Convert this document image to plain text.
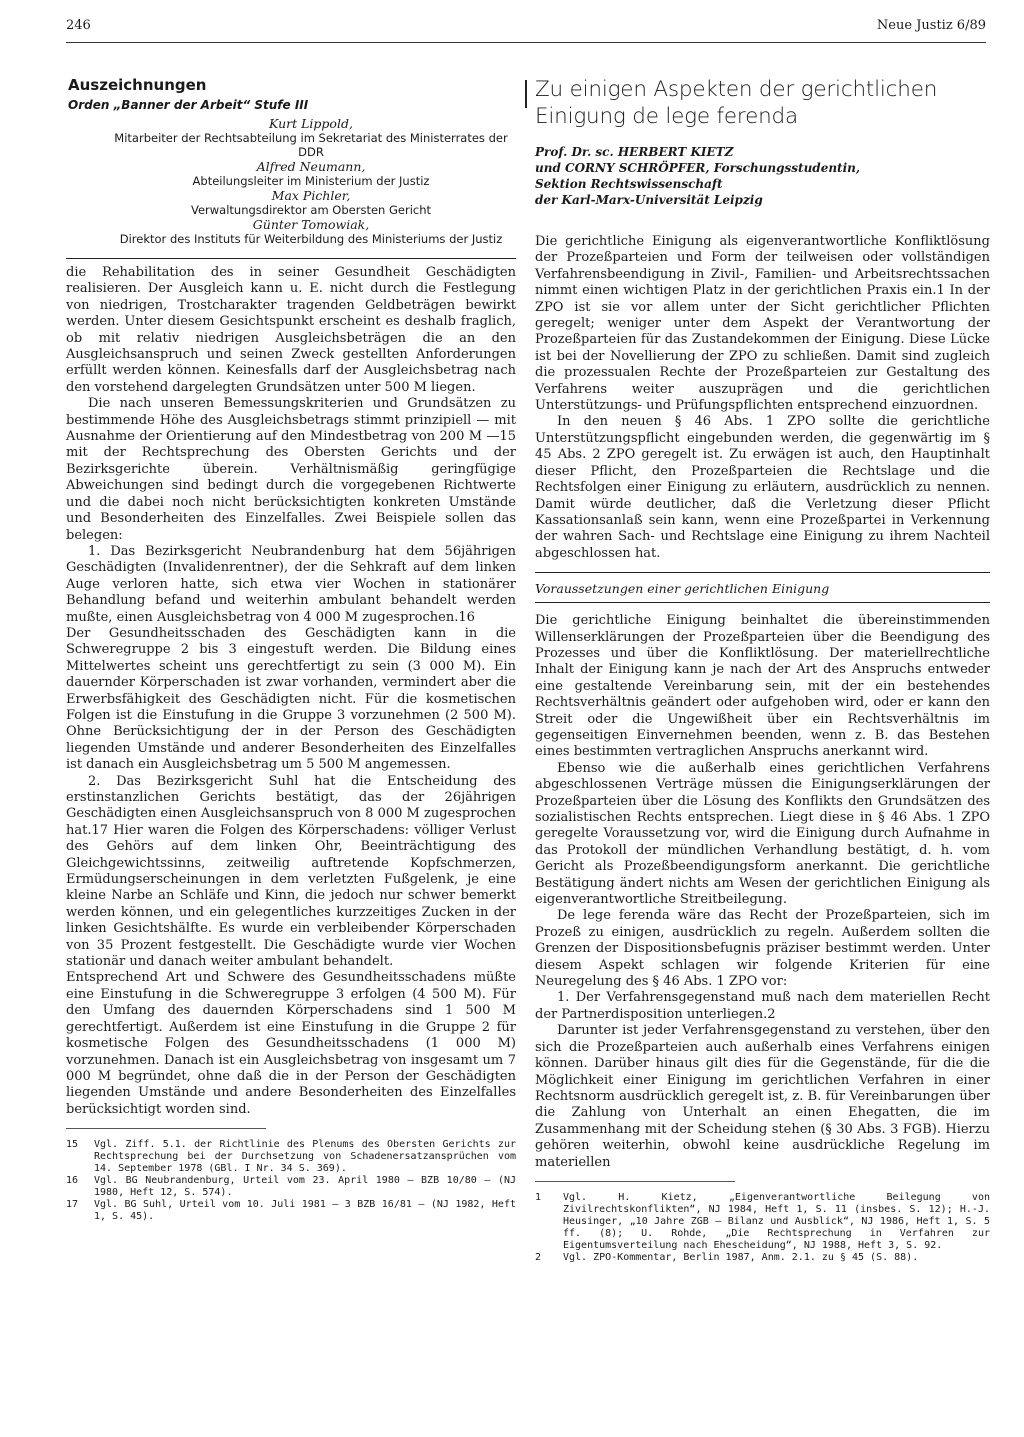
246	Neue Justiz 6/89
Auszeichnungen
Orden „Banner der Arbeit“ Stufe III
Kurt Lippold,
Mitarbeiter der Rechtsabteilung im Sekretariat des Ministerrates der DDR
Alfred Neumann,
Abteilungsleiter im Ministerium der Justiz
Max Pichler,
Verwaltungsdirektor am Obersten Gericht
Günter Tomowiak,
Direktor des Instituts für Weiterbildung des Ministeriums der Justiz

die Rehabilitation des in seiner Gesundheit Geschädigten realisieren. Der Ausgleich kann u. E. nicht durch die Festlegung von niedrigen, Trostcharakter tragenden Geldbeträgen bewirkt werden. Unter diesem Gesichtspunkt erscheint es deshalb fraglich, ob mit relativ niedrigen Ausgleichsbeträgen die an den Ausgleichsanspruch und seinen Zweck gestellten Anforderungen erfüllt werden können. Keinesfalls darf der Ausgleichsbetrag nach den vorstehend dargelegten Grundsätzen unter 500 M liegen.

Die nach unseren Bemessungskriterien und Grundsätzen zu bestimmende Höhe des Ausgleichsbetrags stimmt prinzipiell — mit Ausnahme der Orientierung auf den Mindestbetrag von 200 M —15 mit der Rechtsprechung des Obersten Gerichts und der Bezirksgerichte überein. Verhältnismäßig geringfügige Abweichungen sind bedingt durch die vorgegebenen Richtwerte und die dabei noch nicht berücksichtigten konkreten Umstände und Besonderheiten des Einzelfalles. Zwei Beispiele sollen das belegen:

1. Das Bezirksgericht Neubrandenburg hat dem 56jährigen Geschädigten (Invalidenrentner), der die Sehkraft auf dem linken Auge verloren hatte, sich etwa vier Wochen in stationärer Behandlung befand und weiterhin ambulant behandelt werden mußte, einen Ausgleichsbetrag von 4 000 M zugesprochen.16

Der Gesundheitsschaden des Geschädigten kann in die Schweregruppe 2 bis 3 eingestuft werden. Die Bildung eines Mittelwertes scheint uns gerechtfertigt zu sein (3 000 M). Ein dauernder Körperschaden ist zwar vorhanden, vermindert aber die Erwerbsfähigkeit des Geschädigten nicht. Für die kosmetischen Folgen ist die Einstufung in die Gruppe 3 vorzunehmen (2 500 M). Ohne Berücksichtigung der in der Person des Geschädigten liegenden Umstände und anderer Besonderheiten des Einzelfalles ist danach ein Ausgleichsbetrag um 5 500 M angemessen.

2. Das Bezirksgericht Suhl hat die Entscheidung des erstinstanzlichen Gerichts bestätigt, das der 26jährigen Geschädigten einen Ausgleichsanspruch von 8 000 M zugesprochen hat.17 Hier waren die Folgen des Körperschadens: völliger Verlust des Gehörs auf dem linken Ohr, Beeinträchtigung des Gleichgewichtssinns, zeitweilig auftretende Kopfschmerzen, Ermüdungserscheinungen in dem verletzten Fußgelenk, je eine kleine Narbe an Schläfe und Kinn, die jedoch nur schwer bemerkt werden können, und ein gelegentliches kurzzeitiges Zucken in der linken Gesichtshälfte. Es wurde ein verbleibender Körperschaden von 35 Prozent festgestellt. Die Geschädigte wurde vier Wochen stationär und danach weiter ambulant behandelt.

Entsprechend Art und Schwere des Gesundheitsschadens müßte eine Einstufung in die Schweregruppe 3 erfolgen (4 500 M). Für den Umfang des dauernden Körperschadens sind 1 500 M gerechtfertigt. Außerdem ist eine Einstufung in die Gruppe 2 für kosmetische Folgen des Gesundheitsschadens (1 000 M) vorzunehmen. Danach ist ein Ausgleichsbetrag von insgesamt um 7 000 M begründet, ohne daß die in der Person der Geschädigten liegenden Umstände und andere Besonderheiten des Einzelfalles berücksichtigt worden sind.

15	Vgl. Ziff. 5.1. der Richtlinie des Plenums des Obersten Gerichts zur Rechtsprechung bei der Durchsetzung von Schadenersatzansprüchen vom 14. September 1978 (GBl. I Nr. 34 S. 369).
16	Vgl. BG Neubrandenburg, Urteil vom 23. April 1980 — BZB 10/80 — (NJ 1980, Heft 12, S. 574).
17	Vgl. BG Suhl, Urteil vom 10. Juli 1981 — 3 BZB 16/81 — (NJ 1982, Heft 1, S. 45).
Zu einigen Aspekten der gerichtlichen Einigung de lege ferenda
Prof. Dr. sc. HERBERT KIETZ
und CORNY SCHRÖPFER, Forschungsstudentin,
Sektion Rechtswissenschaft
der Karl-Marx-Universität Leipzig

Die gerichtliche Einigung als eigenverantwortliche Konfliktlösung der Prozeßparteien und Form der teilweisen oder vollständigen Verfahrensbeendigung in Zivil-, Familien- und Arbeitsrechtssachen nimmt einen wichtigen Platz in der gerichtlichen Praxis ein.1 In der ZPO ist sie vor allem unter der Sicht gerichtlicher Pflichten geregelt; weniger unter dem Aspekt der Verantwortung der Prozeßparteien für das Zustandekommen der Einigung. Diese Lücke ist bei der Novellierung der ZPO zu schließen. Damit sind zugleich die prozessualen Rechte der Prozeßparteien zur Gestaltung des Verfahrens weiter auszuprägen und die gerichtlichen Unterstützungs- und Prüfungspflichten entsprechend einzuordnen.

In den neuen § 46 Abs. 1 ZPO sollte die gerichtliche Unterstützungspflicht eingebunden werden, die gegenwärtig im § 45 Abs. 2 ZPO geregelt ist. Zu erwägen ist auch, den Hauptinhalt dieser Pflicht, den Prozeßparteien die Rechtslage und die Rechtsfolgen einer Einigung zu erläutern, ausdrücklich zu nennen. Damit würde deutlicher, daß die Verletzung dieser Pflicht Kassationsanlaß sein kann, wenn eine Prozeßpartei in Verkennung der wahren Sach- und Rechtslage eine Einigung zu ihrem Nachteil abgeschlossen hat.

Voraussetzungen einer gerichtlichen Einigung

Die gerichtliche Einigung beinhaltet die übereinstimmenden Willenserklärungen der Prozeßparteien über die Beendigung des Prozesses und über die Konfliktlösung. Der materiellrechtliche Inhalt der Einigung kann je nach der Art des Anspruchs entweder eine gestaltende Vereinbarung sein, mit der ein bestehendes Rechtsverhältnis geändert oder aufgehoben wird, oder er kann den Streit oder die Ungewißheit über ein Rechtsverhältnis im gegenseitigen Einvernehmen beenden, wenn z. B. das Bestehen eines bestimmten vertraglichen Anspruchs anerkannt wird.

Ebenso wie die außerhalb eines gerichtlichen Verfahrens abgeschlossenen Verträge müssen die Einigungserklärungen der Prozeßparteien über die Lösung des Konflikts den Grundsätzen des sozialistischen Rechts entsprechen. Liegt diese in § 46 Abs. 1 ZPO geregelte Voraussetzung vor, wird die Einigung durch Aufnahme in das Protokoll der mündlichen Verhandlung bestätigt, d. h. vom Gericht als Prozeßbeendigungsform anerkannt. Die gerichtliche Bestätigung ändert nichts am Wesen der gerichtlichen Einigung als eigenverantwortliche Streitbeilegung.

De lege ferenda wäre das Recht der Prozeßparteien, sich im Prozeß zu einigen, ausdrücklich zu regeln. Außerdem sollten die Grenzen der Dispositionsbefugnis präziser bestimmt werden. Unter diesem Aspekt schlagen wir folgende Kriterien für eine Neuregelung des § 46 Abs. 1 ZPO vor:

1. Der Verfahrensgegenstand muß nach dem materiellen Recht der Partnerdisposition unterliegen.2

Darunter ist jeder Verfahrensgegenstand zu verstehen, über den sich die Prozeßparteien auch außerhalb eines Verfahrens einigen können. Darüber hinaus gilt dies für die Gegenstände, für die die Möglichkeit einer Einigung im gerichtlichen Verfahren in einer Rechtsnorm ausdrücklich geregelt ist, z. B. für Vereinbarungen über die Zahlung von Unterhalt an einen Ehegatten, die im Zusammenhang mit der Scheidung stehen (§ 30 Abs. 3 FGB). Hierzu gehören weiterhin, obwohl keine ausdrückliche Regelung im materiellen

1	Vgl. H. Kietz, „Eigenverantwortliche Beilegung von Zivilrechtskonflikten“, NJ 1984, Heft 1, S. 11 (insbes. S. 12); H.-J. Heusinger, „10 Jahre ZGB — Bilanz und Ausblick“, NJ 1986, Heft 1, S. 5 ff. (8); U. Rohde, „Die Rechtsprechung in Verfahren zur Eigentumsverteilung nach Ehescheidung“, NJ 1988, Heft 3, S. 92.
2	Vgl. ZPO-Kommentar, Berlin 1987, Anm. 2.1. zu § 45 (S. 88).
